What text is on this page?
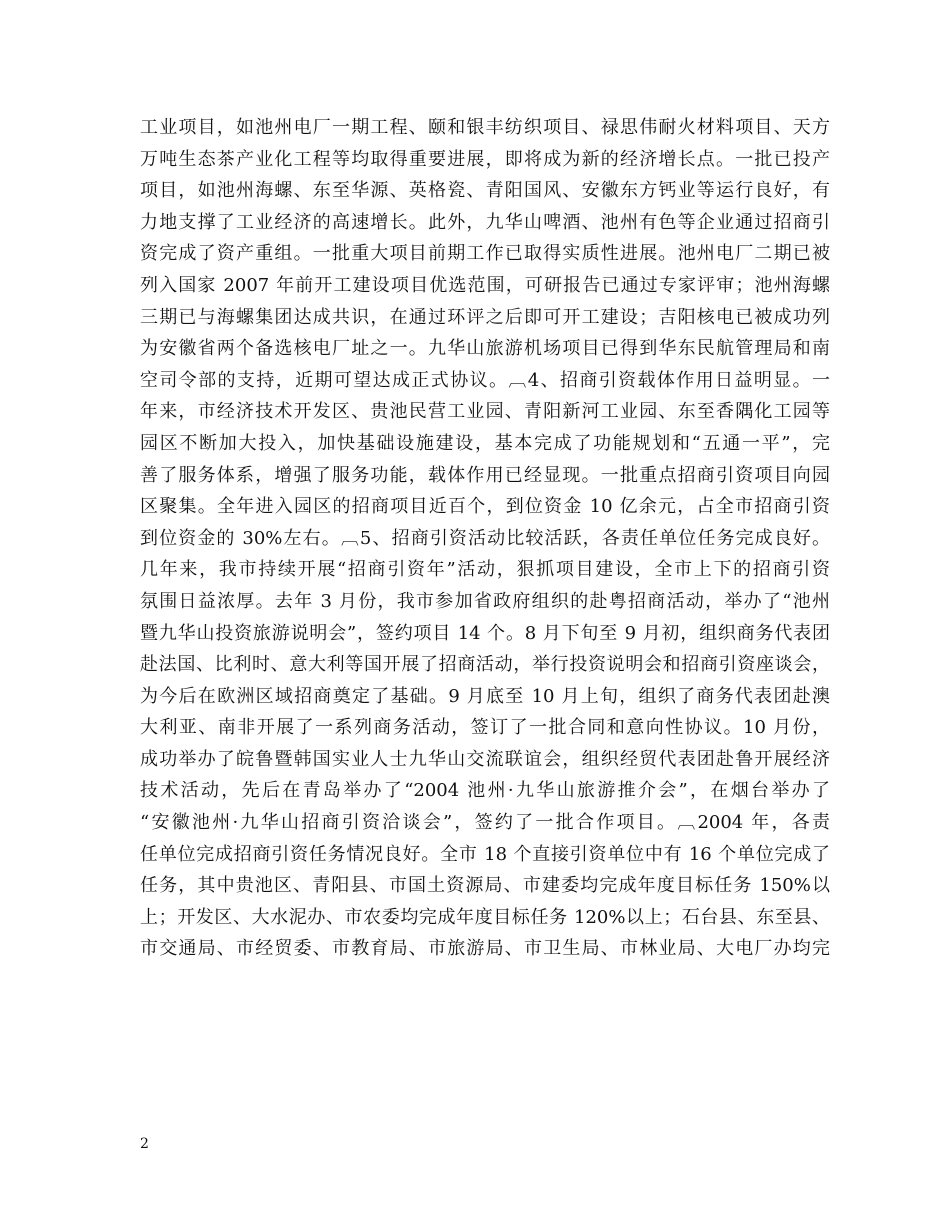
工业项目，如池州电厂一期工程、颐和银丰纺织项目、禄思伟耐火材料项目、天方
万吨生态茶产业化工程等均取得重要进展，即将成为新的经济增长点。一批已投产
项目，如池州海螺、东至华源、英格瓷、青阳国风、安徽东方钙业等运行良好，有
力地支撑了工业经济的高速增长。此外，九华山啤酒、池州有色等企业通过招商引
资完成了资产重组。一批重大项目前期工作已取得实质性进展。池州电厂二期已被
列入国家 2007 年前开工建设项目优选范围，可研报告已通过专家评审；池州海螺
三期已与海螺集团达成共识，在通过环评之后即可开工建设；吉阳核电已被成功列
为安徽省两个备选核电厂址之一。九华山旅游机场项目已得到华东民航管理局和南
空司令部的支持，近期可望达成正式协议。︹4、招商引资载体作用日益明显。一
年来，市经济技术开发区、贵池民营工业园、青阳新河工业园、东至香隅化工园等
园区不断加大投入，加快基础设施建设，基本完成了功能规划和“五通一平”，完
善了服务体系，增强了服务功能，载体作用已经显现。一批重点招商引资项目向园
区聚集。全年进入园区的招商项目近百个，到位资金 10 亿余元，占全市招商引资
到位资金的 30%左右。︹5、招商引资活动比较活跃，各责任单位任务完成良好。
几年来，我市持续开展“招商引资年”活动，狠抓项目建设，全市上下的招商引资
氛围日益浓厚。去年 3 月份，我市参加省政府组织的赴粤招商活动，举办了“池州
暨九华山投资旅游说明会”，签约项目 14 个。8 月下旬至 9 月初，组织商务代表团
赴法国、比利时、意大利等国开展了招商活动，举行投资说明会和招商引资座谈会，
为今后在欧洲区域招商奠定了基础。9 月底至 10 月上旬，组织了商务代表团赴澳
大利亚、南非开展了一系列商务活动，签订了一批合同和意向性协议。10 月份，
成功举办了皖鲁暨韩国实业人士九华山交流联谊会，组织经贸代表团赴鲁开展经济
技术活动，先后在青岛举办了“2004 池州·九华山旅游推介会”，在烟台举办了
“安徽池州·九华山招商引资洽谈会”，签约了一批合作项目。︹2004 年，各责
任单位完成招商引资任务情况良好。全市 18 个直接引资单位中有 16 个单位完成了
任务，其中贵池区、青阳县、市国土资源局、市建委均完成年度目标任务 150%以
上；开发区、大水泥办、市农委均完成年度目标任务 120%以上；石台县、东至县、
市交通局、市经贸委、市教育局、市旅游局、市卫生局、市林业局、大电厂办均完
2
